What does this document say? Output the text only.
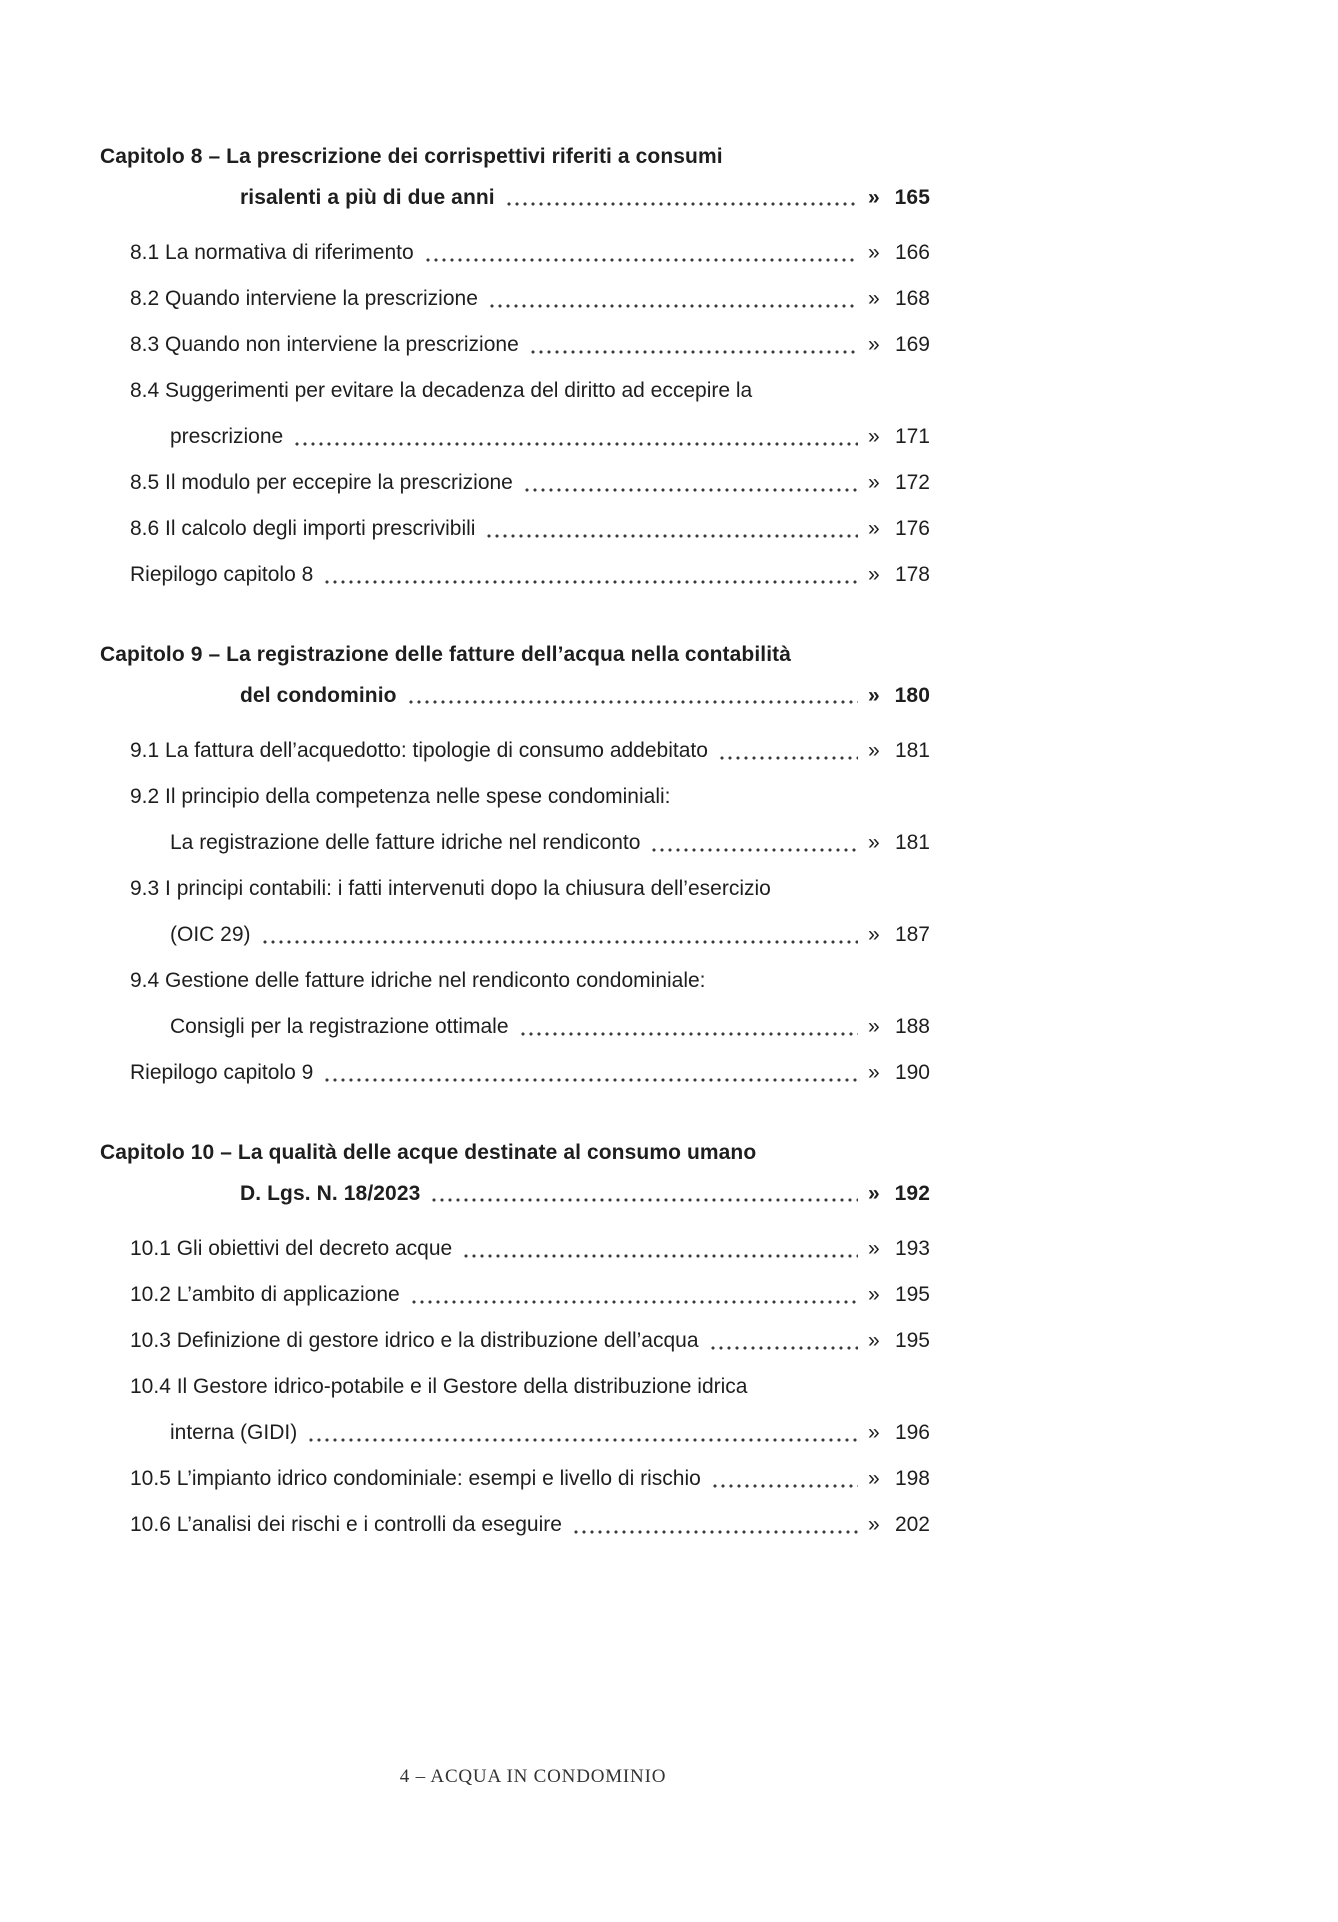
Capitolo 8 – La prescrizione dei corrispettivi riferiti a consumi
risalenti a più di due anni	» 165
8.1 La normativa di riferimento	» 166
8.2 Quando interviene la prescrizione	» 168
8.3 Quando non interviene la prescrizione	» 169
8.4 Suggerimenti per evitare la decadenza del diritto ad eccepire la
prescrizione	» 171
8.5 Il modulo per eccepire la prescrizione	» 172
8.6 Il calcolo degli importi prescrivibili	» 176
Riepilogo capitolo 8	» 178
Capitolo 9 – La registrazione delle fatture dell’acqua nella contabilità
del condominio	» 180
9.1 La fattura dell’acquedotto: tipologie di consumo addebitato	» 181
9.2 Il principio della competenza nelle spese condominiali:
La registrazione delle fatture idriche nel rendiconto	» 181
9.3 I principi contabili: i fatti intervenuti dopo la chiusura dell’esercizio
(OIC 29)	» 187
9.4 Gestione delle fatture idriche nel rendiconto condominiale:
Consigli per la registrazione ottimale	» 188
Riepilogo capitolo 9	» 190
Capitolo 10 – La qualità delle acque destinate al consumo umano
D. Lgs. N. 18/2023	» 192
10.1 Gli obiettivi del decreto acque	» 193
10.2 L’ambito di applicazione	» 195
10.3 Definizione di gestore idrico e la distribuzione dell’acqua	» 195
10.4 Il Gestore idrico-potabile e il Gestore della distribuzione idrica
interna (GIDI)	» 196
10.5 L’impianto idrico condominiale: esempi e livello di rischio	» 198
10.6 L’analisi dei rischi e i controlli da eseguire	» 202
4 – ACQUA IN CONDOMINIO
